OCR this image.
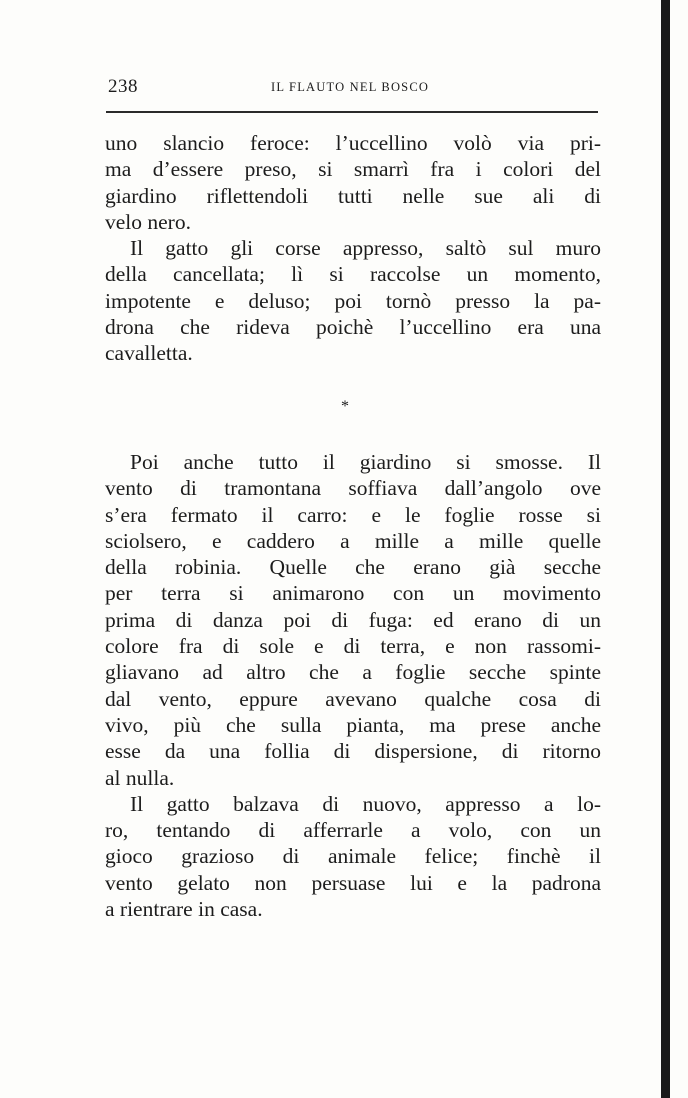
238	IL FLAUTO NEL BOSCO
uno slancio feroce: l’uccellino volò via pri-
ma d’essere preso, si smarrì fra i colori del
giardino riflettendoli tutti nelle sue ali di
velo nero.
Il gatto gli corse appresso, saltò sul muro
della cancellata; lì si raccolse un momento,
impotente e deluso; poi tornò presso la pa-
drona che rideva poichè l’uccellino era una
cavalletta.
*
Poi anche tutto il giardino si smosse. Il
vento di tramontana soffiava dall’angolo ove
s’era fermato il carro: e le foglie rosse si
sciolsero, e caddero a mille a mille quelle
della robinia. Quelle che erano già secche
per terra si animarono con un movimento
prima di danza poi di fuga: ed erano di un
colore fra di sole e di terra, e non rassomi-
gliavano ad altro che a foglie secche spinte
dal vento, eppure avevano qualche cosa di
vivo, più che sulla pianta, ma prese anche
esse da una follia di dispersione, di ritorno
al nulla.
Il gatto balzava di nuovo, appresso a lo-
ro, tentando di afferrarle a volo, con un
gioco grazioso di animale felice; finchè il
vento gelato non persuase lui e la padrona
a rientrare in casa.
